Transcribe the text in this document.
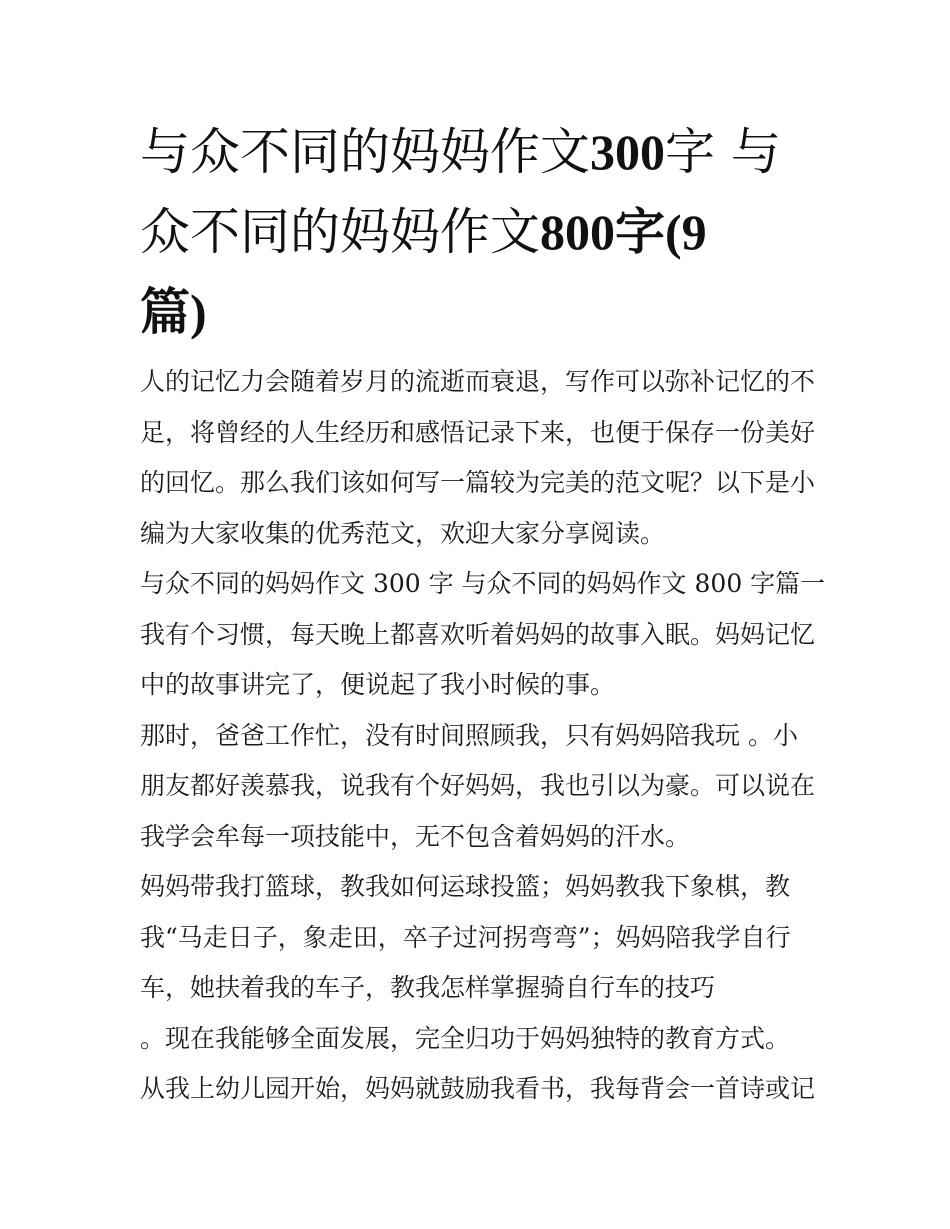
与众不同的妈妈作文300字 与
众不同的妈妈作文800字(9
篇)
人的记忆力会随着岁月的流逝而衰退，写作可以弥补记忆的不
足，将曾经的人生经历和感悟记录下来，也便于保存一份美好
的回忆。那么我们该如何写一篇较为完美的范文呢？以下是小
编为大家收集的优秀范文，欢迎大家分享阅读。
与众不同的妈妈作文 300 字 与众不同的妈妈作文 800 字篇一
我有个习惯，每天晚上都喜欢听着妈妈的故事入眠。妈妈记忆
中的故事讲完了，便说起了我小时候的事。
那时，爸爸工作忙，没有时间照顾我，只有妈妈陪我玩 。小
朋友都好羡慕我，说我有个好妈妈，我也引以为豪。可以说在
我学会牟每一项技能中，无不包含着妈妈的汗水。
妈妈带我打篮球，教我如何运球投篮；妈妈教我下象棋，教
我“马走日子，象走田，卒子过河拐弯弯”；妈妈陪我学自行
车，她扶着我的车子，教我怎样掌握骑自行车的技巧
。现在我能够全面发展，完全归功于妈妈独特的教育方式。
从我上幼儿园开始，妈妈就鼓励我看书，我每背会一首诗或记
